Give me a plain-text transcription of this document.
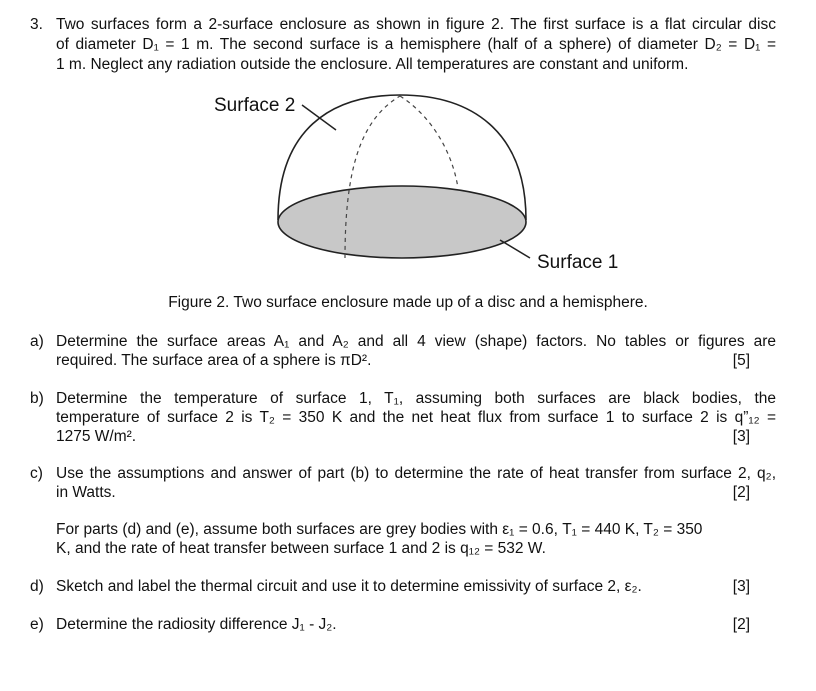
3. Two surfaces form a 2-surface enclosure as shown in figure 2. The first surface is a flat circular disc
of diameter D₁ = 1 m. The second surface is a hemisphere (half of a sphere) of diameter D₂ = D₁ =
1 m. Neglect any radiation outside the enclosure. All temperatures are constant and uniform.
Surface 2
Surface 1
Figure 2. Two surface enclosure made up of a disc and a hemisphere.
a) Determine the surface areas A₁ and A₂ and all 4 view (shape) factors. No tables or figures are
required. The surface area of a sphere is πD².	[5]
b) Determine the temperature of surface 1, T₁, assuming both surfaces are black bodies, the
temperature of surface 2 is T₂ = 350 K and the net heat flux from surface 1 to surface 2 is q”₁₂ =
1275 W/m².	[3]
c) Use the assumptions and answer of part (b) to determine the rate of heat transfer from surface 2, q₂,
in Watts.	[2]
For parts (d) and (e), assume both surfaces are grey bodies with ε₁ = 0.6, T₁ = 440 K, T₂ = 350
K, and the rate of heat transfer between surface 1 and 2 is q₁₂ = 532 W.
d) Sketch and label the thermal circuit and use it to determine emissivity of surface 2, ε₂.	[3]
e) Determine the radiosity difference J₁ - J₂.	[2]
